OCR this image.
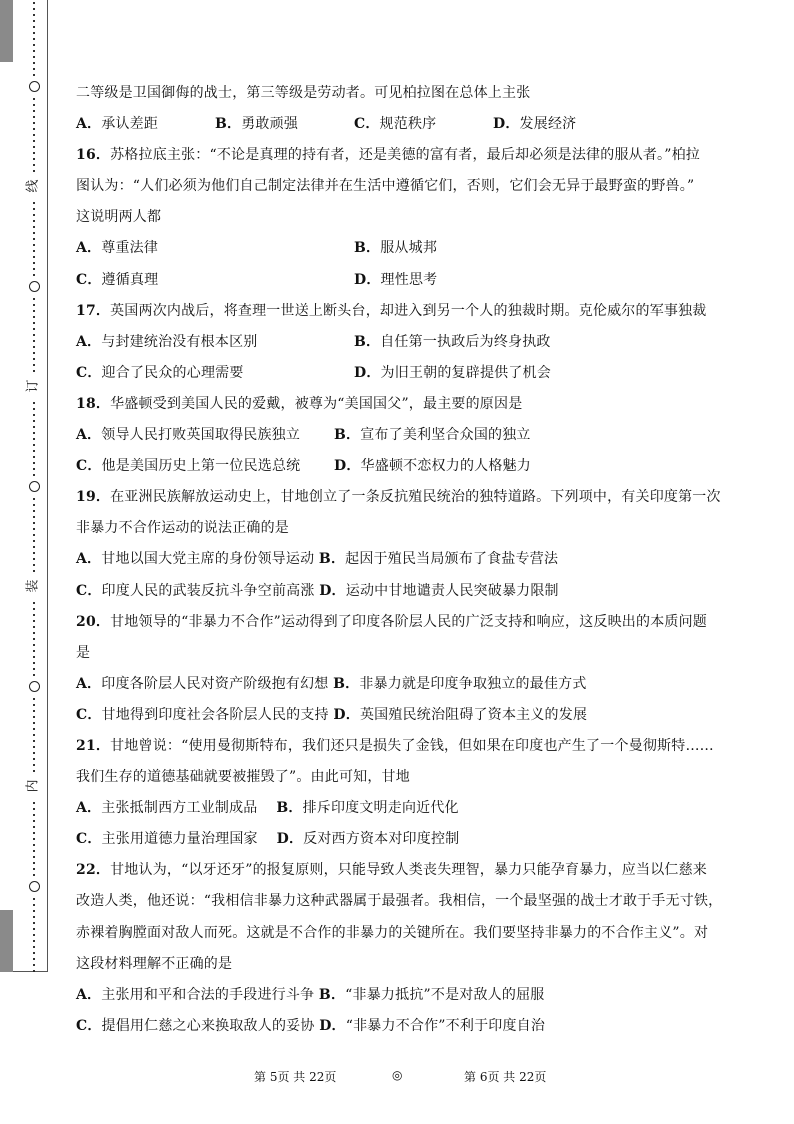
线
订
装
内
二等级是卫国御侮的战士，第三等级是劳动者。可见柏拉图在总体上主张
A．承认差距	B．勇敢顽强	C．规范秩序	D．发展经济
16．苏格拉底主张：“不论是真理的持有者，还是美德的富有者，最后却必须是法律的服从者。”柏拉
图认为：“人们必须为他们自己制定法律并在生活中遵循它们，否则，它们会无异于最野蛮的野兽。”
这说明两人都
A．尊重法律	B．服从城邦
C．遵循真理	D．理性思考
17．英国两次内战后，将查理一世送上断头台，却进入到另一个人的独裁时期。克伦威尔的军事独裁
A．与封建统治没有根本区别	B．自任第一执政后为终身执政
C．迎合了民众的心理需要	D．为旧王朝的复辟提供了机会
18．华盛顿受到美国人民的爱戴，被尊为“美国国父”，最主要的原因是
A．领导人民打败英国取得民族独立	B．宣布了美利坚合众国的独立
C．他是美国历史上第一位民选总统	D．华盛顿不恋权力的人格魅力
19．在亚洲民族解放运动史上，甘地创立了一条反抗殖民统治的独特道路。下列项中，有关印度第一次
非暴力不合作运动的说法正确的是
A．甘地以国大党主席的身份领导运动 B．起因于殖民当局颁布了食盐专营法
C．印度人民的武装反抗斗争空前高涨 D．运动中甘地谴责人民突破暴力限制
20．甘地领导的“非暴力不合作”运动得到了印度各阶层人民的广泛支持和响应，这反映出的本质问题
是
A．印度各阶层人民对资产阶级抱有幻想 B．非暴力就是印度争取独立的最佳方式
C．甘地得到印度社会各阶层人民的支持 D．英国殖民统治阻碍了资本主义的发展
21．甘地曾说：“使用曼彻斯特布，我们还只是损失了金钱，但如果在印度也产生了一个曼彻斯特……
我们生存的道德基础就要被摧毁了”。由此可知，甘地
A．主张抵制西方工业制成品　 B．排斥印度文明走向近代化
C．主张用道德力量治理国家　 D．反对西方资本对印度控制
22．甘地认为，“以牙还牙”的报复原则，只能导致人类丧失理智，暴力只能孕育暴力，应当以仁慈来
改造人类，他还说：“我相信非暴力这种武器属于最强者。我相信，一个最坚强的战士才敢于手无寸铁，
赤裸着胸膛面对敌人而死。这就是不合作的非暴力的关键所在。我们要坚持非暴力的不合作主义”。对
这段材料理解不正确的是
A．主张用和平和合法的手段进行斗争 B．“非暴力抵抗”不是对敌人的屈服
C．提倡用仁慈之心来换取敌人的妥协 D．“非暴力不合作”不利于印度自治
第 5页 共 22页	◎	第 6页 共 22页
